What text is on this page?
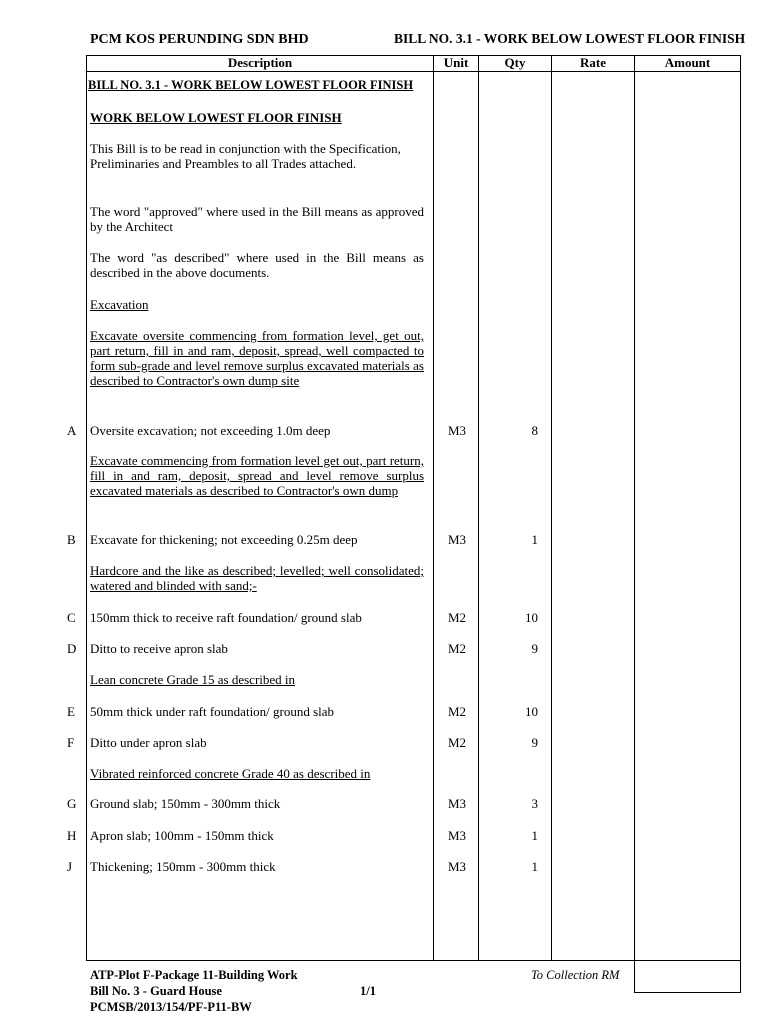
PCM KOS PERUNDING SDN BHD	BILL NO. 3.1 - WORK BELOW LOWEST FLOOR FINISH
Description	Unit	Qty	Rate	Amount
BILL NO. 3.1 - WORK BELOW LOWEST FLOOR FINISH
WORK BELOW LOWEST FLOOR FINISH
This Bill is to be read in conjunction with the Specification, Preliminaries and Preambles to all Trades attached.
The word "approved" where used in the Bill means as approved by the Architect
The word "as described" where used in the Bill means as described in the above documents.
Excavation
Excavate oversite commencing from formation level, get out, part return, fill in and ram, deposit, spread, well compacted to form sub-grade and level remove surplus excavated materials as described to Contractor's own dump site
A	Oversite excavation; not exceeding 1.0m deep	M3	8
Excavate commencing from formation level get out, part return, fill in and ram, deposit, spread and level remove surplus excavated materials as described to Contractor's own dump
B	Excavate for thickening; not exceeding 0.25m deep	M3	1
Hardcore and the like as described; levelled; well consolidated; watered and blinded with sand;-
C	150mm thick to receive raft foundation/ ground slab	M2	10
D	Ditto to receive apron slab	M2	9
Lean concrete Grade 15 as described in
E	50mm thick under raft foundation/ ground slab	M2	10
F	Ditto under apron slab	M2	9
Vibrated reinforced concrete Grade 40 as described in
G	Ground slab; 150mm - 300mm thick	M3	3
H	Apron slab; 100mm - 150mm thick	M3	1
J	Thickening; 150mm - 300mm thick	M3	1
ATP-Plot F-Package 11-Building Work
Bill No. 3 - Guard House
PCMSB/2013/154/PF-P11-BW
1/1
To Collection RM
